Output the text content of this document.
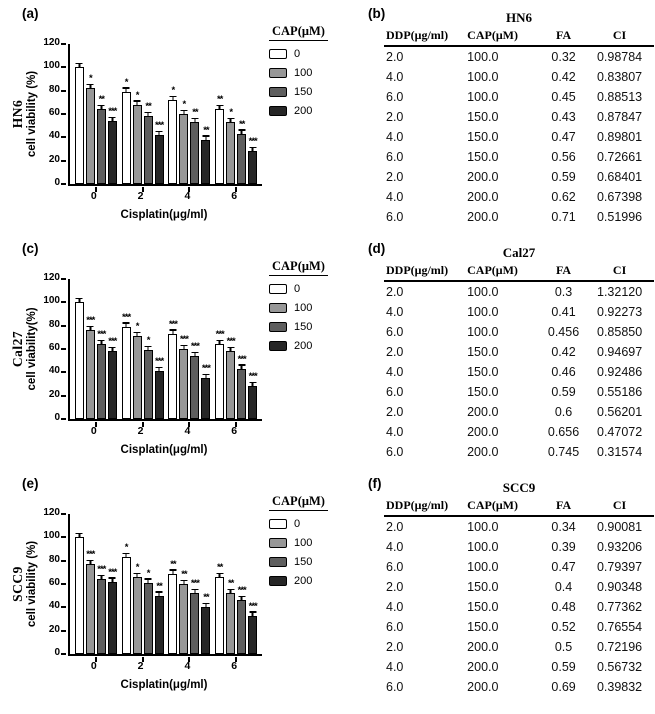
(a)
HN6 cell viability (%)	*
**
***
*
*
**
***
*
*
**
**
**
*
**
***
0
20
40
60
80
100
120
0	2	4	6
Cisplatin(μg/ml)
CAP(μM)
0
100
150
200
(b)	HN6
DDP(μg/ml)	CAP(μM)	FA	CI
2.0	100.0	0.32	0.98784
4.0	100.0	0.42	0.83807
6.0	100.0	0.45	0.88513
2.0	150.0	0.43	0.87847
4.0	150.0	0.47	0.89801
6.0	150.0	0.56	0.72661
2.0	200.0	0.59	0.68401
4.0	200.0	0.62	0.67398
6.0	200.0	0.71	0.51996
(c)
Cal27 cell viability(%)	***
***
***
***
*
*
***
***
***
***
***
***
***
***
***
0
20
40
60
80
100
120
0	2	4	6
Cisplatin(μg/ml)
CAP(μM)
0
100
150
200
(d)	Cal27
DDP(μg/ml)	CAP(μM)	FA	CI
2.0	100.0	0.3	1.32120
4.0	100.0	0.41	0.92273
6.0	100.0	0.456	0.85850
2.0	150.0	0.42	0.94697
4.0	150.0	0.46	0.92486
6.0	150.0	0.59	0.55186
2.0	200.0	0.6	0.56201
4.0	200.0	0.656	0.47072
6.0	200.0	0.745	0.31574
(e)
SCC9 cell viability (%)	***
*** ***
*
*
*
**
**
**
***
**
**
**
***
***
0
20
40
60
80
100
120
0	2	4	6
Cisplatin(μg/ml)
CAP(μM)
0
100
150
200
(f)	SCC9
DDP(μg/ml)	CAP(μM)	FA	CI
2.0	100.0	0.34	0.90081
4.0	100.0	0.39	0.93206
6.0	100.0	0.47	0.79397
2.0	150.0	0.4	0.90348
4.0	150.0	0.48	0.77362
6.0	150.0	0.52	0.76554
2.0	200.0	0.5	0.72196
4.0	200.0	0.59	0.56732
6.0	200.0	0.69	0.39832
